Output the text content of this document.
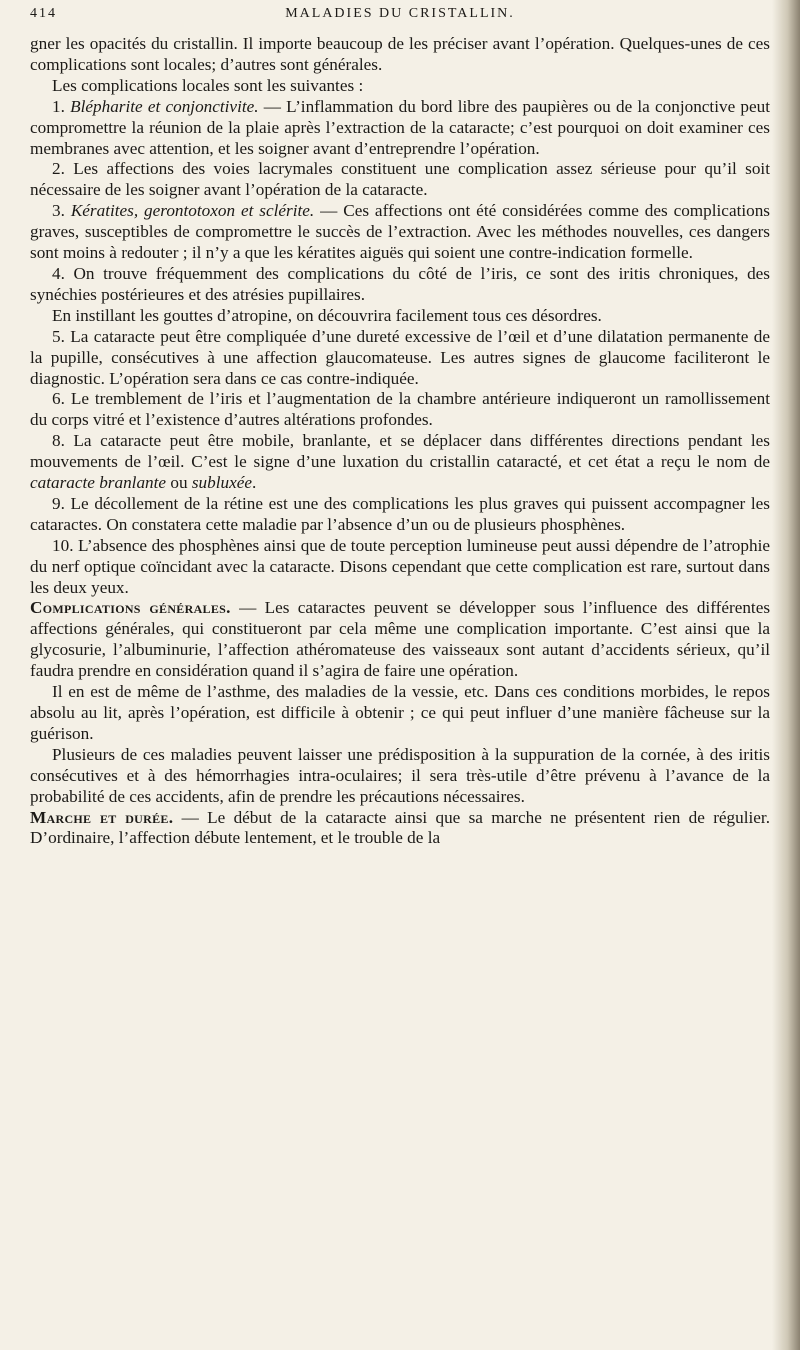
414	MALADIES DU CRISTALLIN.

gner les opacités du cristallin. Il importe beaucoup de les préciser avant l’opération. Quelques-unes de ces complications sont locales; d’autres sont générales.

Les complications locales sont les suivantes :

1. Blépharite et conjonctivite. — L’inflammation du bord libre des paupières ou de la conjonctive peut compromettre la réunion de la plaie après l’extraction de la cataracte; c’est pourquoi on doit examiner ces membranes avec attention, et les soigner avant d’entreprendre l’opération.

2. Les affections des voies lacrymales constituent une complication assez sérieuse pour qu’il soit nécessaire de les soigner avant l’opération de la cataracte.

3. Kératites, gerontotoxon et sclérite. — Ces affections ont été considérées comme des complications graves, susceptibles de compromettre le succès de l’extraction. Avec les méthodes nouvelles, ces dangers sont moins à redouter ; il n’y a que les kératites aiguës qui soient une contre-indication formelle.

4. On trouve fréquemment des complications du côté de l’iris, ce sont des iritis chroniques, des synéchies postérieures et des atrésies pupillaires.

En instillant les gouttes d’atropine, on découvrira facilement tous ces désordres.

5. La cataracte peut être compliquée d’une dureté excessive de l’œil et d’une dilatation permanente de la pupille, consécutives à une affection glaucomateuse. Les autres signes de glaucome faciliteront le diagnostic. L’opération sera dans ce cas contre-indiquée.

6. Le tremblement de l’iris et l’augmentation de la chambre antérieure indiqueront un ramollissement du corps vitré et l’existence d’autres altérations profondes.

8. La cataracte peut être mobile, branlante, et se déplacer dans différentes directions pendant les mouvements de l’œil. C’est le signe d’une luxation du cristallin cataracté, et cet état a reçu le nom de cataracte branlante ou subluxée.

9. Le décollement de la rétine est une des complications les plus graves qui puissent accompagner les cataractes. On constatera cette maladie par l’absence d’un ou de plusieurs phosphènes.

10. L’absence des phosphènes ainsi que de toute perception lumineuse peut aussi dépendre de l’atrophie du nerf optique coïncidant avec la cataracte. Disons cependant que cette complication est rare, surtout dans les deux yeux.

Complications générales. — Les cataractes peuvent se développer sous l’influence des différentes affections générales, qui constitueront par cela même une complication importante. C’est ainsi que la glycosurie, l’albuminurie, l’affection athéromateuse des vaisseaux sont autant d’accidents sérieux, qu’il faudra prendre en considération quand il s’agira de faire une opération.

Il en est de même de l’asthme, des maladies de la vessie, etc. Dans ces conditions morbides, le repos absolu au lit, après l’opération, est difficile à obtenir ; ce qui peut influer d’une manière fâcheuse sur la guérison.

Plusieurs de ces maladies peuvent laisser une prédisposition à la suppuration de la cornée, à des iritis consécutives et à des hémorrhagies intra-oculaires; il sera très-utile d’être prévenu à l’avance de la probabilité de ces accidents, afin de prendre les précautions nécessaires.

Marche et durée. — Le début de la cataracte ainsi que sa marche ne présentent rien de régulier. D’ordinaire, l’affection débute lentement, et le trouble de la
